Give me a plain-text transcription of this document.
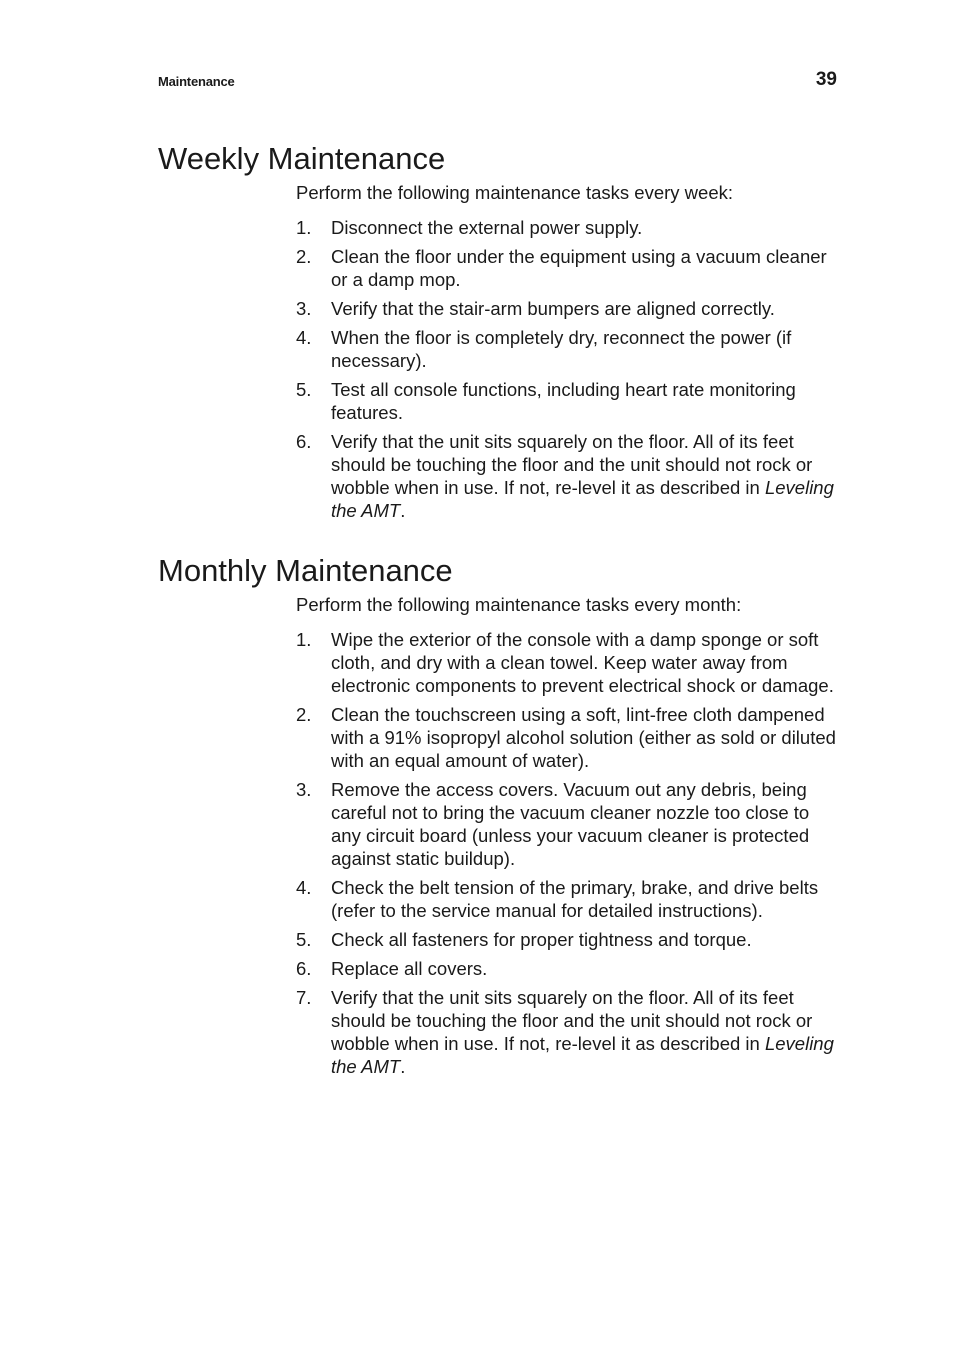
Maintenance	39
Weekly Maintenance

Perform the following maintenance tasks every week:

1. Disconnect the external power supply.
2. Clean the floor under the equipment using a vacuum cleaner or a damp mop.
3. Verify that the stair-arm bumpers are aligned correctly.
4. When the floor is completely dry, reconnect the power (if necessary).
5. Test all console functions, including heart rate monitoring features.
6. Verify that the unit sits squarely on the floor. All of its feet should be touching the floor and the unit should not rock or wobble when in use. If not, re-level it as described in Leveling the AMT.
Monthly Maintenance

Perform the following maintenance tasks every month:

1. Wipe the exterior of the console with a damp sponge or soft cloth, and dry with a clean towel. Keep water away from electronic components to prevent electrical shock or damage.
2. Clean the touchscreen using a soft, lint-free cloth dampened with a 91% isopropyl alcohol solution (either as sold or diluted with an equal amount of water).
3. Remove the access covers. Vacuum out any debris, being careful not to bring the vacuum cleaner nozzle too close to any circuit board (unless your vacuum cleaner is protected against static buildup).
4. Check the belt tension of the primary, brake, and drive belts (refer to the service manual for detailed instructions).
5. Check all fasteners for proper tightness and torque.
6. Replace all covers.
7. Verify that the unit sits squarely on the floor. All of its feet should be touching the floor and the unit should not rock or wobble when in use. If not, re-level it as described in Leveling the AMT.
